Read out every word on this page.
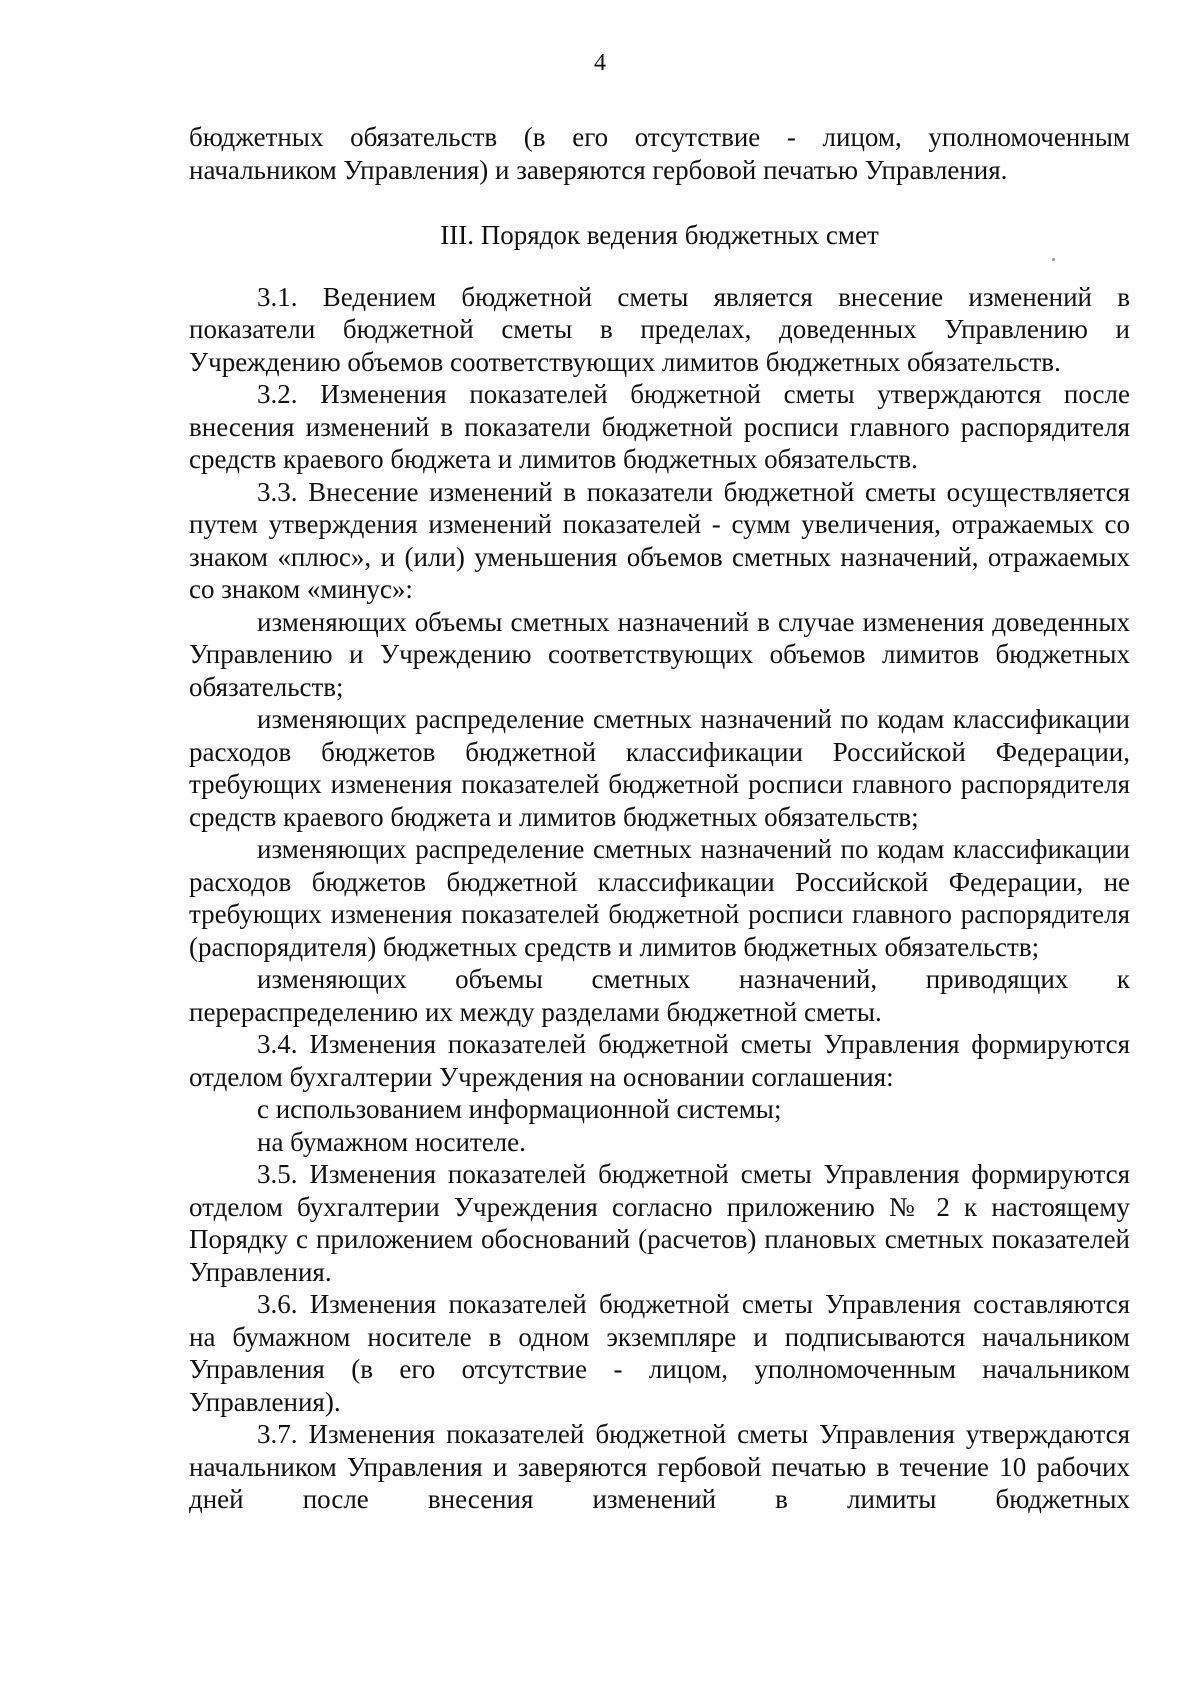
4

бюджетных обязательств (в его отсутствие - лицом, уполномоченным начальником Управления) и заверяются гербовой печатью Управления.

III. Порядок ведения бюджетных смет

3.1. Ведением бюджетной сметы является внесение изменений в показатели бюджетной сметы в пределах, доведенных Управлению и Учреждению объемов соответствующих лимитов бюджетных обязательств.

3.2. Изменения показателей бюджетной сметы утверждаются после внесения изменений в показатели бюджетной росписи главного распорядителя средств краевого бюджета и лимитов бюджетных обязательств.

3.3. Внесение изменений в показатели бюджетной сметы осуществляется путем утверждения изменений показателей - сумм увеличения, отражаемых со знаком «плюс», и (или) уменьшения объемов сметных назначений, отражаемых со знаком «минус»:

изменяющих объемы сметных назначений в случае изменения доведенных Управлению и Учреждению соответствующих объемов лимитов бюджетных обязательств;

изменяющих распределение сметных назначений по кодам классификации расходов бюджетов бюджетной классификации Российской Федерации, требующих изменения показателей бюджетной росписи главного распорядителя средств краевого бюджета и лимитов бюджетных обязательств;

изменяющих распределение сметных назначений по кодам классификации расходов бюджетов бюджетной классификации Российской Федерации, не требующих изменения показателей бюджетной росписи главного распорядителя (распорядителя) бюджетных средств и лимитов бюджетных обязательств;

изменяющих объемы сметных назначений, приводящих к перераспределению их между разделами бюджетной сметы.

3.4. Изменения показателей бюджетной сметы Управления формируются отделом бухгалтерии Учреждения на основании соглашения:

с использованием информационной системы;

на бумажном носителе.

3.5. Изменения показателей бюджетной сметы Управления формируются отделом бухгалтерии Учреждения согласно приложению № 2 к настоящему Порядку с приложением обоснований (расчетов) плановых сметных показателей Управления.

3.6. Изменения показателей бюджетной сметы Управления составляются на бумажном носителе в одном экземпляре и подписываются начальником Управления (в его отсутствие - лицом, уполномоченным начальником Управления).

3.7. Изменения показателей бюджетной сметы Управления утверждаются начальником Управления и заверяются гербовой печатью в течение 10 рабочих дней после внесения изменений в лимиты бюджетных
